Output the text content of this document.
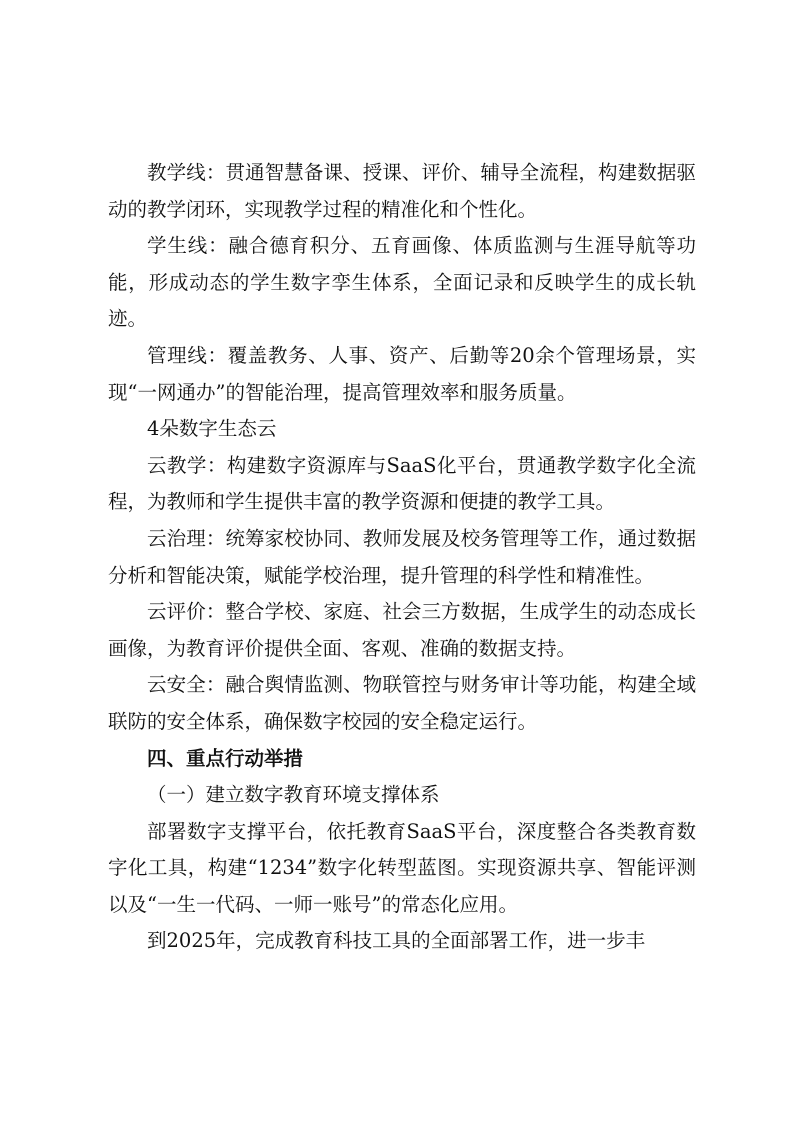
教学线：贯通智慧备课、授课、评价、辅导全流程，构建数据驱动的教学闭环，实现教学过程的精准化和个性化。

学生线：融合德育积分、五育画像、体质监测与生涯导航等功能，形成动态的学生数字孪生体系，全面记录和反映学生的成长轨迹。

管理线：覆盖教务、人事、资产、后勤等20余个管理场景，实现“一网通办”的智能治理，提高管理效率和服务质量。

4朵数字生态云

云教学：构建数字资源库与SaaS化平台，贯通教学数字化全流程，为教师和学生提供丰富的教学资源和便捷的教学工具。

云治理：统筹家校协同、教师发展及校务管理等工作，通过数据分析和智能决策，赋能学校治理，提升管理的科学性和精准性。

云评价：整合学校、家庭、社会三方数据，生成学生的动态成长画像，为教育评价提供全面、客观、准确的数据支持。

云安全：融合舆情监测、物联管控与财务审计等功能，构建全域联防的安全体系，确保数字校园的安全稳定运行。

四、重点行动举措

（一）建立数字教育环境支撑体系

部署数字支撑平台，依托教育SaaS平台，深度整合各类教育数字化工具，构建“1234”数字化转型蓝图。实现资源共享、智能评测以及“一生一代码、一师一账号”的常态化应用。

到2025年，完成教育科技工具的全面部署工作，进一步丰
